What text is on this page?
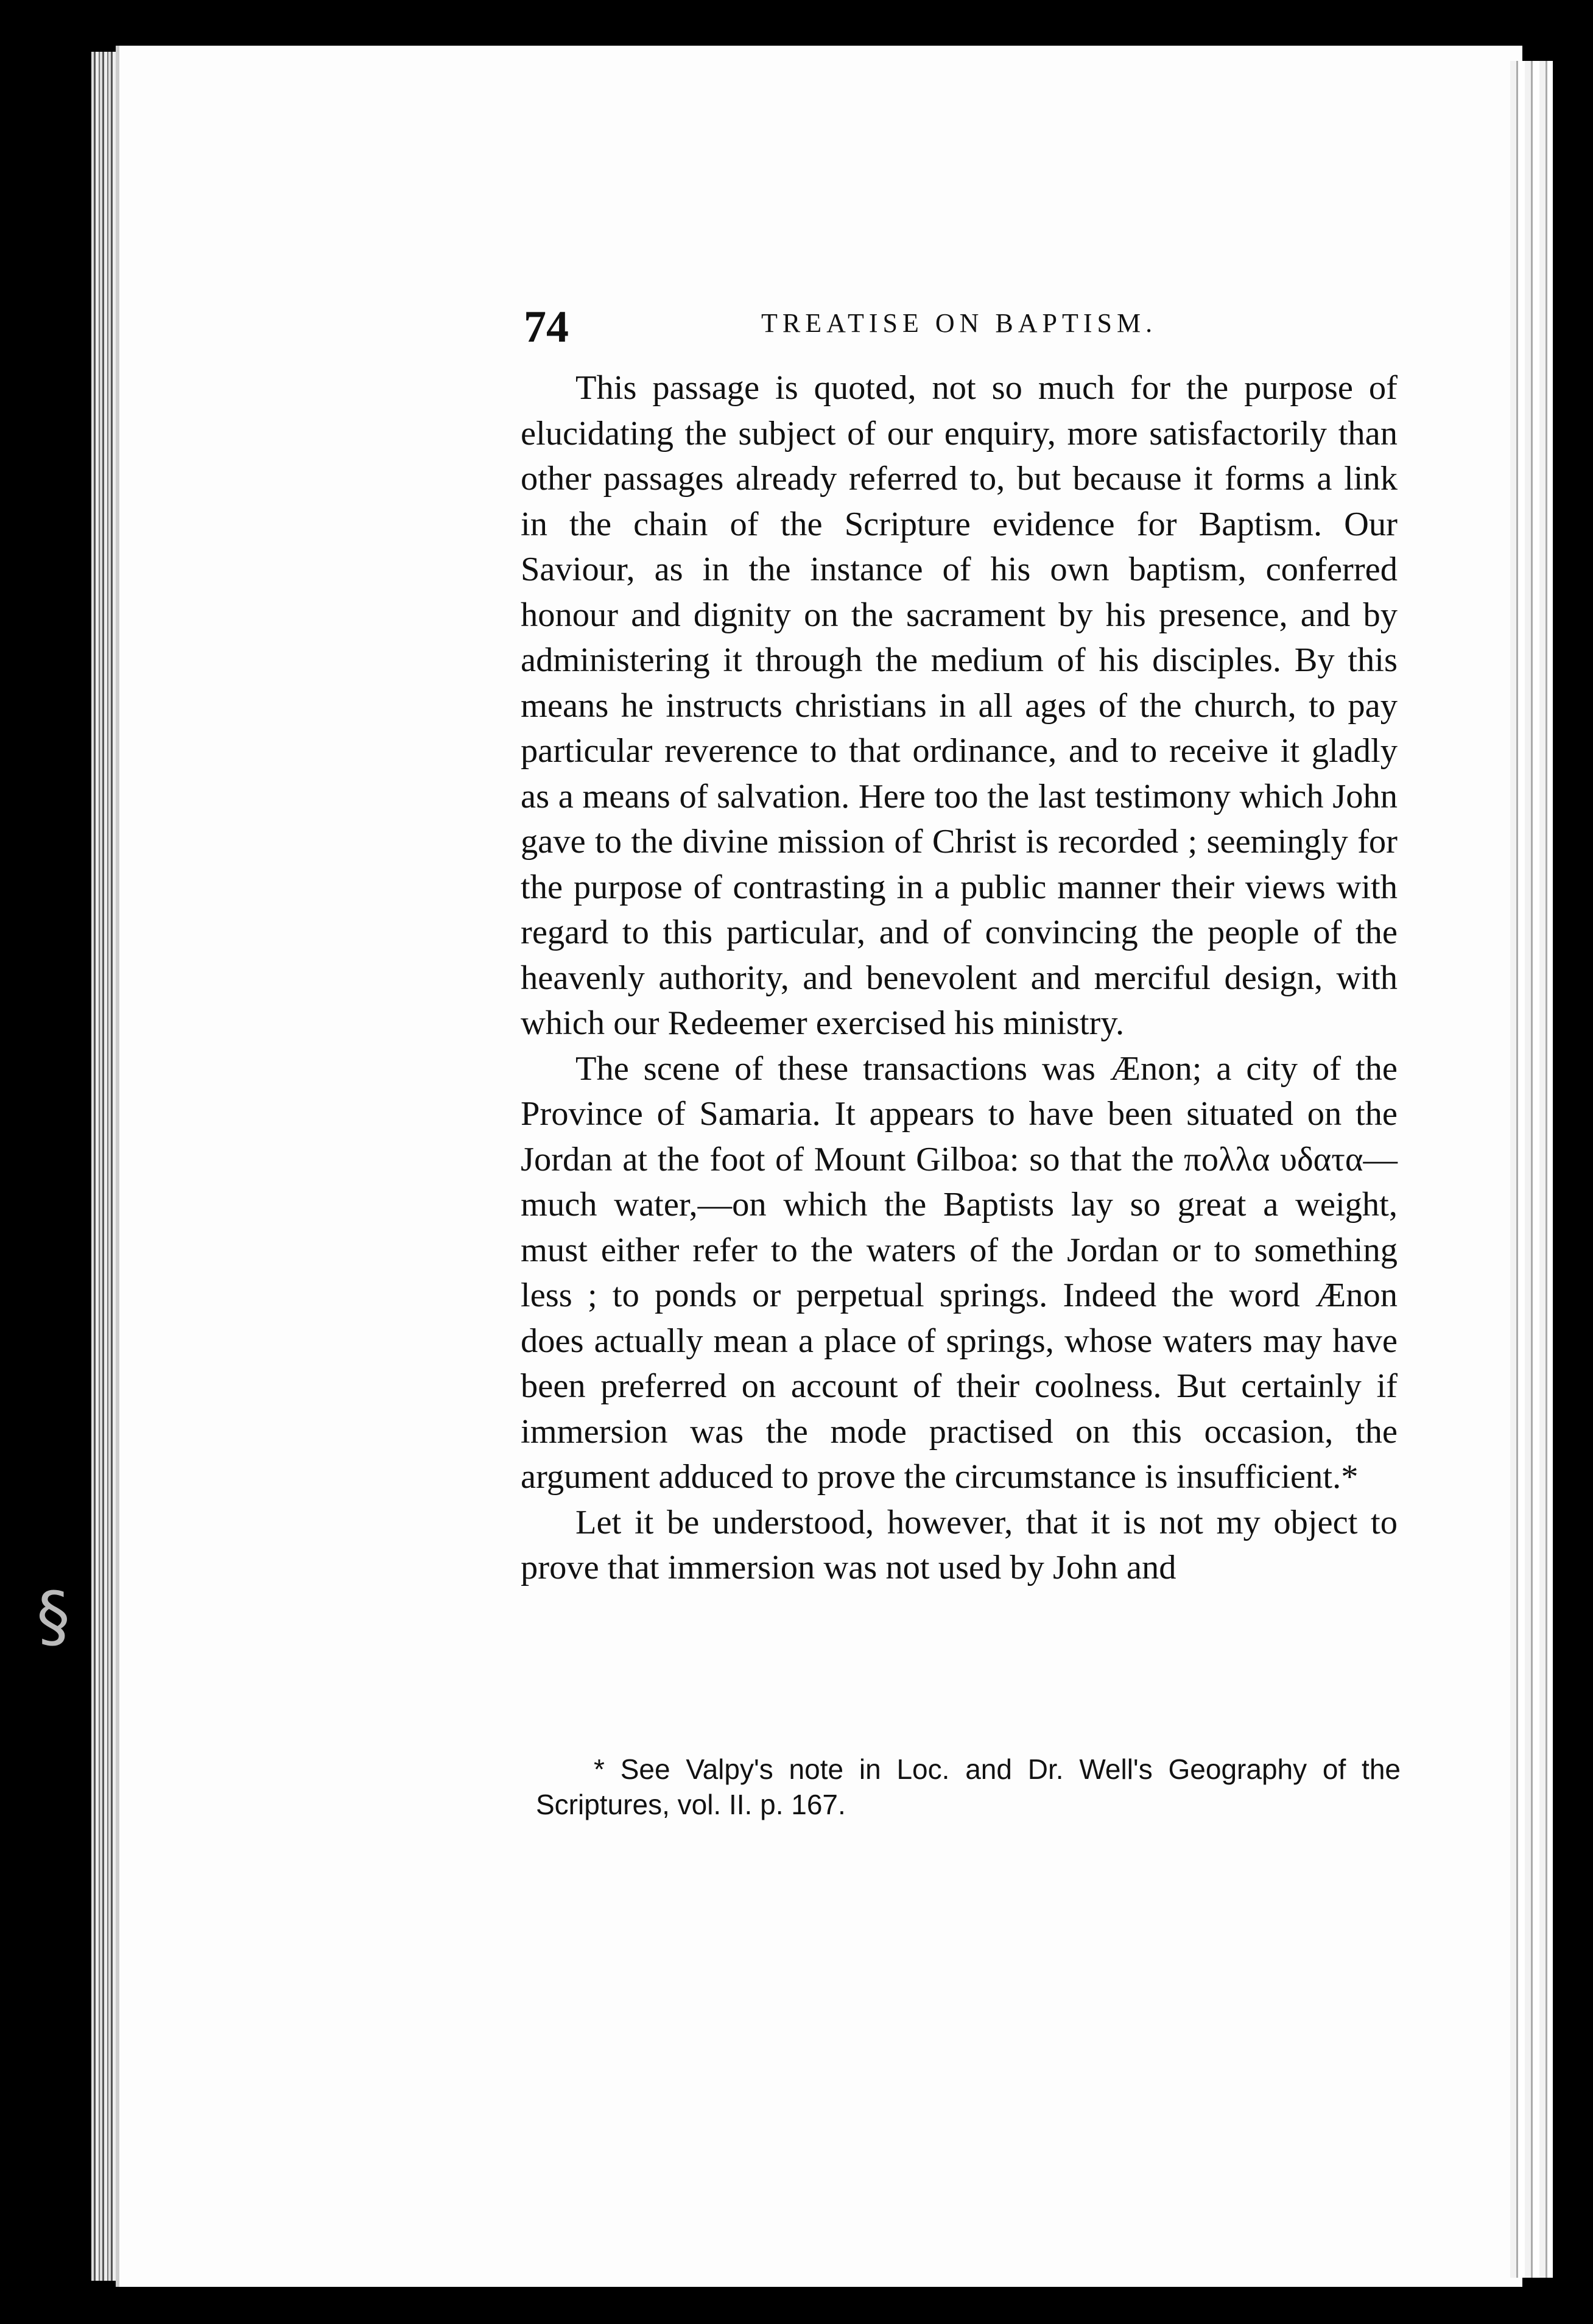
74	TREATISE ON BAPTISM.

This passage is quoted, not so much for the purpose of elucidating the subject of our enquiry, more satisfactorily than other passages already referred to, but because it forms a link in the chain of the Scripture evidence for Baptism. Our Saviour, as in the instance of his own baptism, conferred honour and dignity on the sacrament by his presence, and by administering it through the medium of his disciples. By this means he instructs christians in all ages of the church, to pay particular reverence to that ordinance, and to receive it gladly as a means of salvation. Here too the last testimony which John gave to the divine mission of Christ is recorded ; seemingly for the purpose of contrasting in a public manner their views with regard to this particular, and of convincing the people of the heavenly authority, and benevolent and merciful design, with which our Redeemer exercised his ministry.

The scene of these transactions was Ænon; a city of the Province of Samaria. It appears to have been situated on the Jordan at the foot of Mount Gilboa: so that the πολλα υδατα—much water,—on which the Baptists lay so great a weight, must either refer to the waters of the Jordan or to something less ; to ponds or perpetual springs. Indeed the word Ænon does actually mean a place of springs, whose waters may have been preferred on account of their coolness. But certainly if immersion was the mode practised on this occasion, the argument adduced to prove the circumstance is insufficient.*

Let it be understood, however, that it is not my object to prove that immersion was not used by John and

* See Valpy's note in Loc. and Dr. Well's Geography of the Scriptures, vol. II. p. 167.
§
